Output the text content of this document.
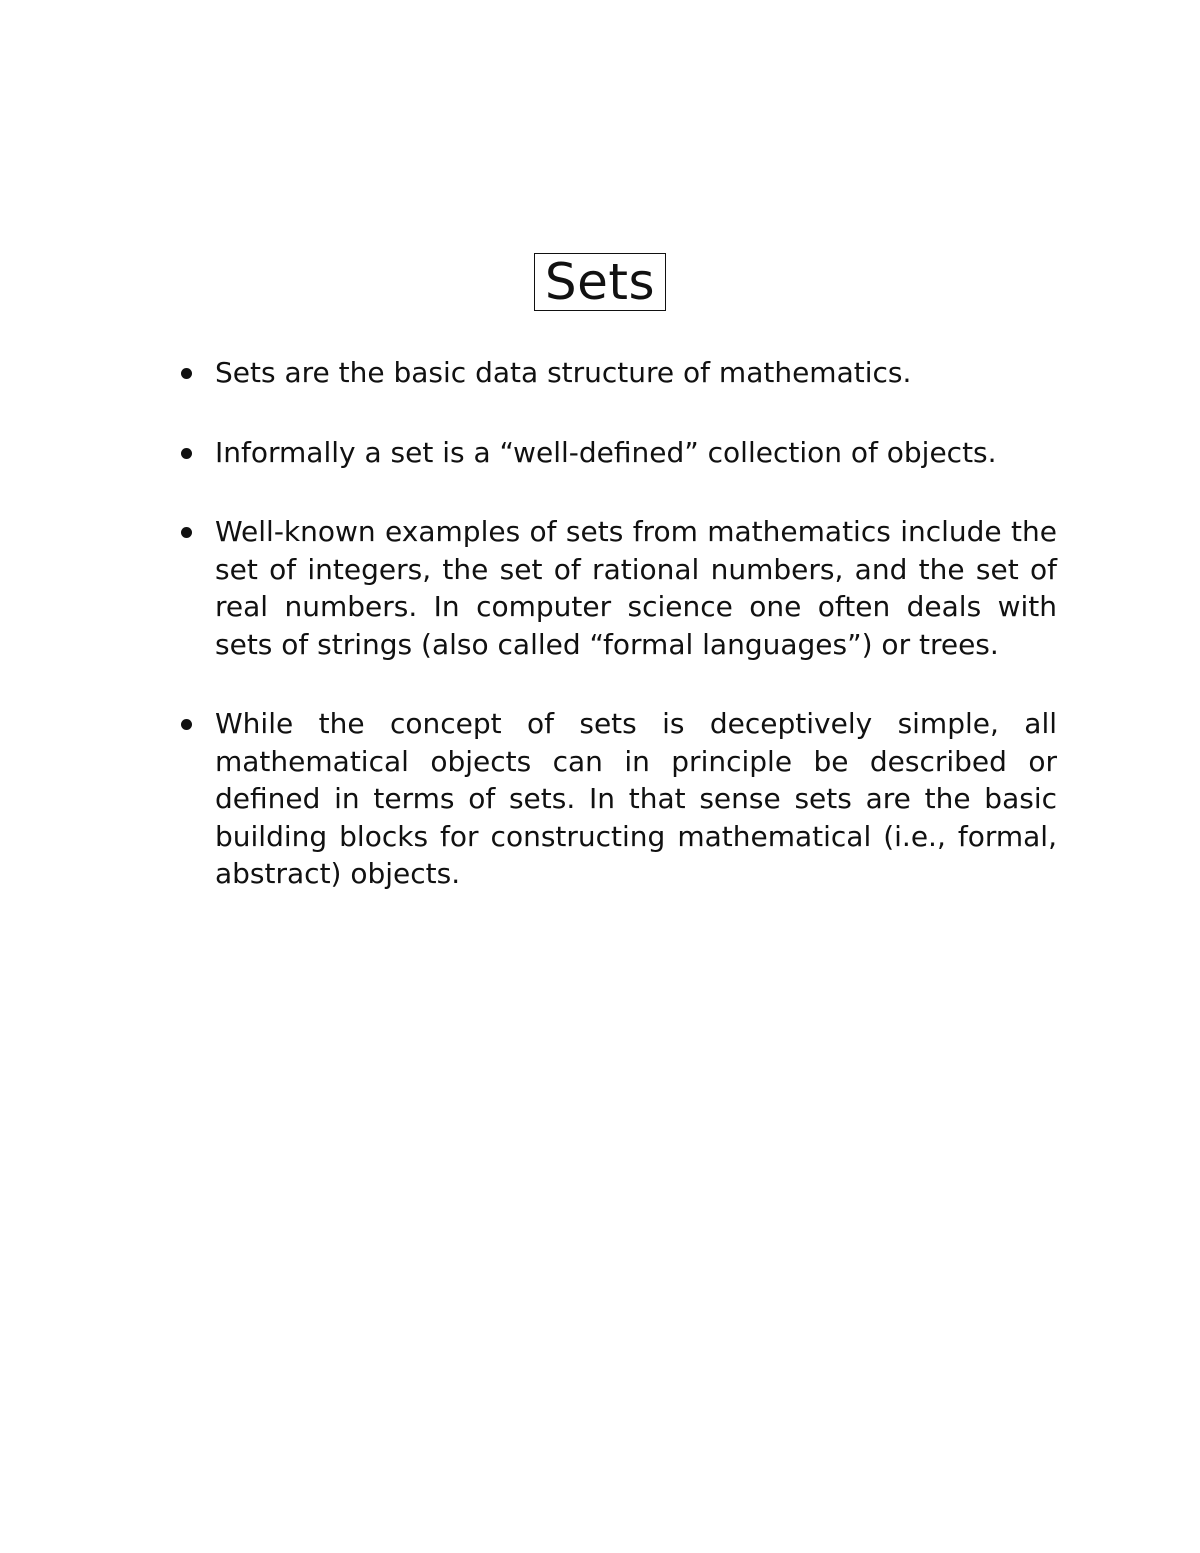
Sets

Sets are the basic data structure of mathematics.

Informally a set is a “well-defined” collection of objects.

Well-known examples of sets from mathematics include the set of integers, the set of rational numbers, and the set of real numbers. In computer science one often deals with sets of strings (also called “formal languages”) or trees.

While the concept of sets is deceptively simple, all mathematical objects can in principle be described or defined in terms of sets. In that sense sets are the basic building blocks for constructing mathematical (i.e., formal, abstract) objects.
